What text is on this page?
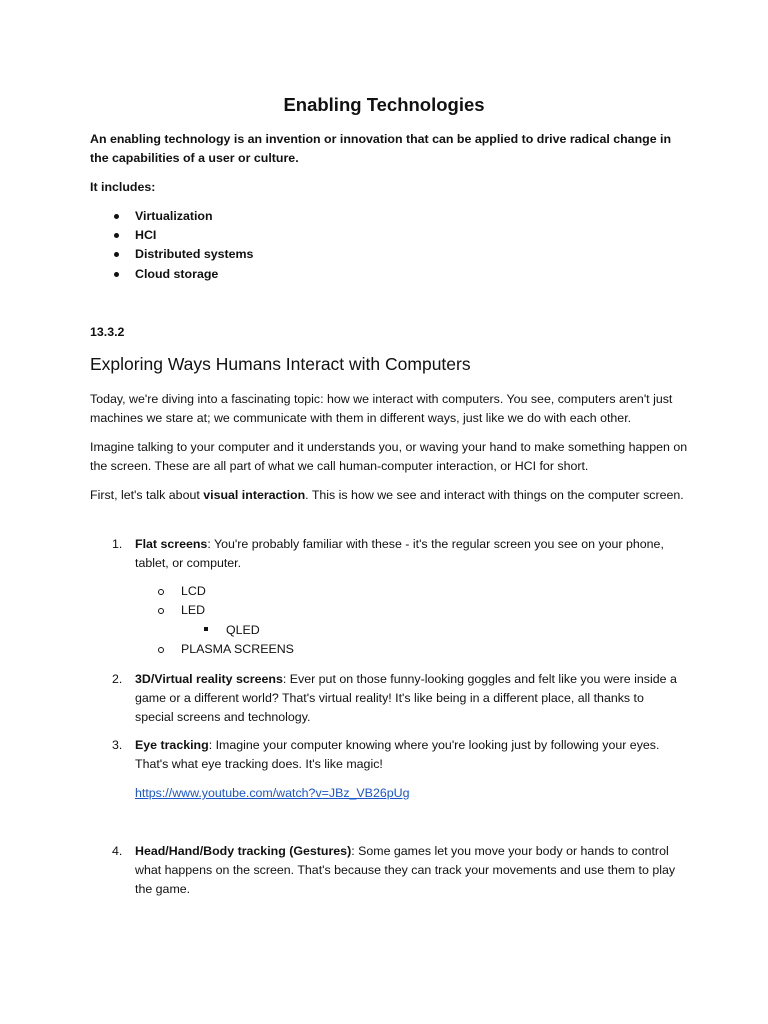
Enabling Technologies
An enabling technology is an invention or innovation that can be applied to drive radical change in the capabilities of a user or culture.
It includes:
Virtualization
HCI
Distributed systems
Cloud storage
13.3.2
Exploring Ways Humans Interact with Computers
Today, we're diving into a fascinating topic: how we interact with computers. You see, computers aren't just machines we stare at; we communicate with them in different ways, just like we do with each other.
Imagine talking to your computer and it understands you, or waving your hand to make something happen on the screen. These are all part of what we call human-computer interaction, or HCI for short.
First, let's talk about visual interaction. This is how we see and interact with things on the computer screen.
1. Flat screens: You're probably familiar with these - it's the regular screen you see on your phone, tablet, or computer.
LCD
LED
QLED
PLASMA SCREENS
2. 3D/Virtual reality screens: Ever put on those funny-looking goggles and felt like you were inside a game or a different world? That's virtual reality! It's like being in a different place, all thanks to special screens and technology.
3. Eye tracking: Imagine your computer knowing where you're looking just by following your eyes. That's what eye tracking does. It's like magic!
https://www.youtube.com/watch?v=JBz_VB26pUg
4. Head/Hand/Body tracking (Gestures): Some games let you move your body or hands to control what happens on the screen. That's because they can track your movements and use them to play the game.
